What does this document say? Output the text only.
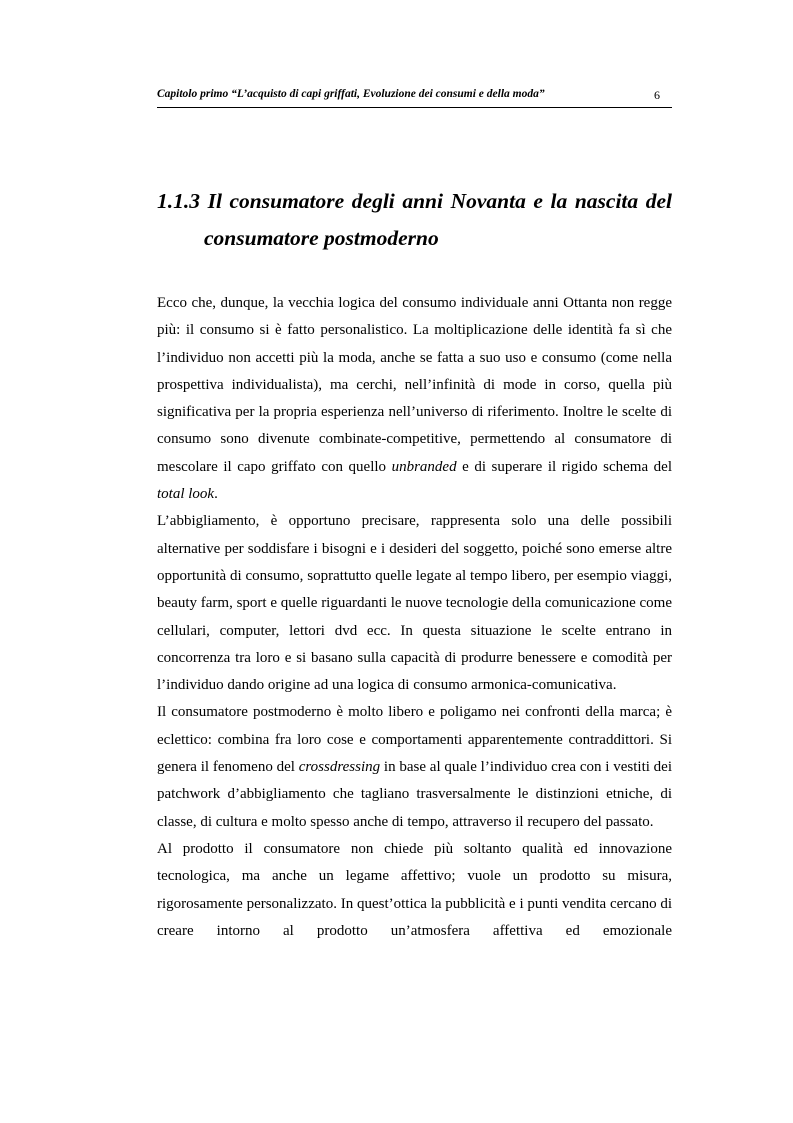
Capitolo primo “L’acquisto di capi griffati, Evoluzione dei consumi e della moda”	6
1.1.3 Il consumatore degli anni Novanta e la nascita del
consumatore postmoderno

Ecco che, dunque, la vecchia logica del consumo individuale anni Ottanta non regge più: il consumo si è fatto personalistico. La moltiplicazione delle identità fa sì che l’individuo non accetti più la moda, anche se fatta a suo uso e consumo (come nella prospettiva individualista), ma cerchi, nell’infinità di mode in corso, quella più significativa per la propria esperienza nell’universo di riferimento. Inoltre le scelte di consumo sono divenute combinate-competitive, permettendo al consumatore di mescolare il capo griffato con quello unbranded e di superare il rigido schema del total look.

L’abbigliamento, è opportuno precisare, rappresenta solo una delle possibili alternative per soddisfare i bisogni e i desideri del soggetto, poiché sono emerse altre opportunità di consumo, soprattutto quelle legate al tempo libero, per esempio viaggi, beauty farm, sport e quelle riguardanti le nuove tecnologie della comunicazione come cellulari, computer, lettori dvd ecc. In questa situazione le scelte entrano in concorrenza tra loro e si basano sulla capacità di produrre benessere e comodità per l’individuo dando origine ad una logica di consumo armonica-comunicativa.

Il consumatore postmoderno è molto libero e poligamo nei confronti della marca; è eclettico: combina fra loro cose e comportamenti apparentemente contraddittori. Si genera il fenomeno del crossdressing in base al quale l’individuo crea con i vestiti dei patchwork d’abbigliamento che tagliano trasversalmente le distinzioni etniche, di classe, di cultura e molto spesso anche di tempo, attraverso il recupero del passato.

Al prodotto il consumatore non chiede più soltanto qualità ed innovazione tecnologica, ma anche un legame affettivo; vuole un prodotto su misura, rigorosamente personalizzato. In quest’ottica la pubblicità e i punti vendita cercano di creare intorno al prodotto un’atmosfera affettiva ed emozionale
